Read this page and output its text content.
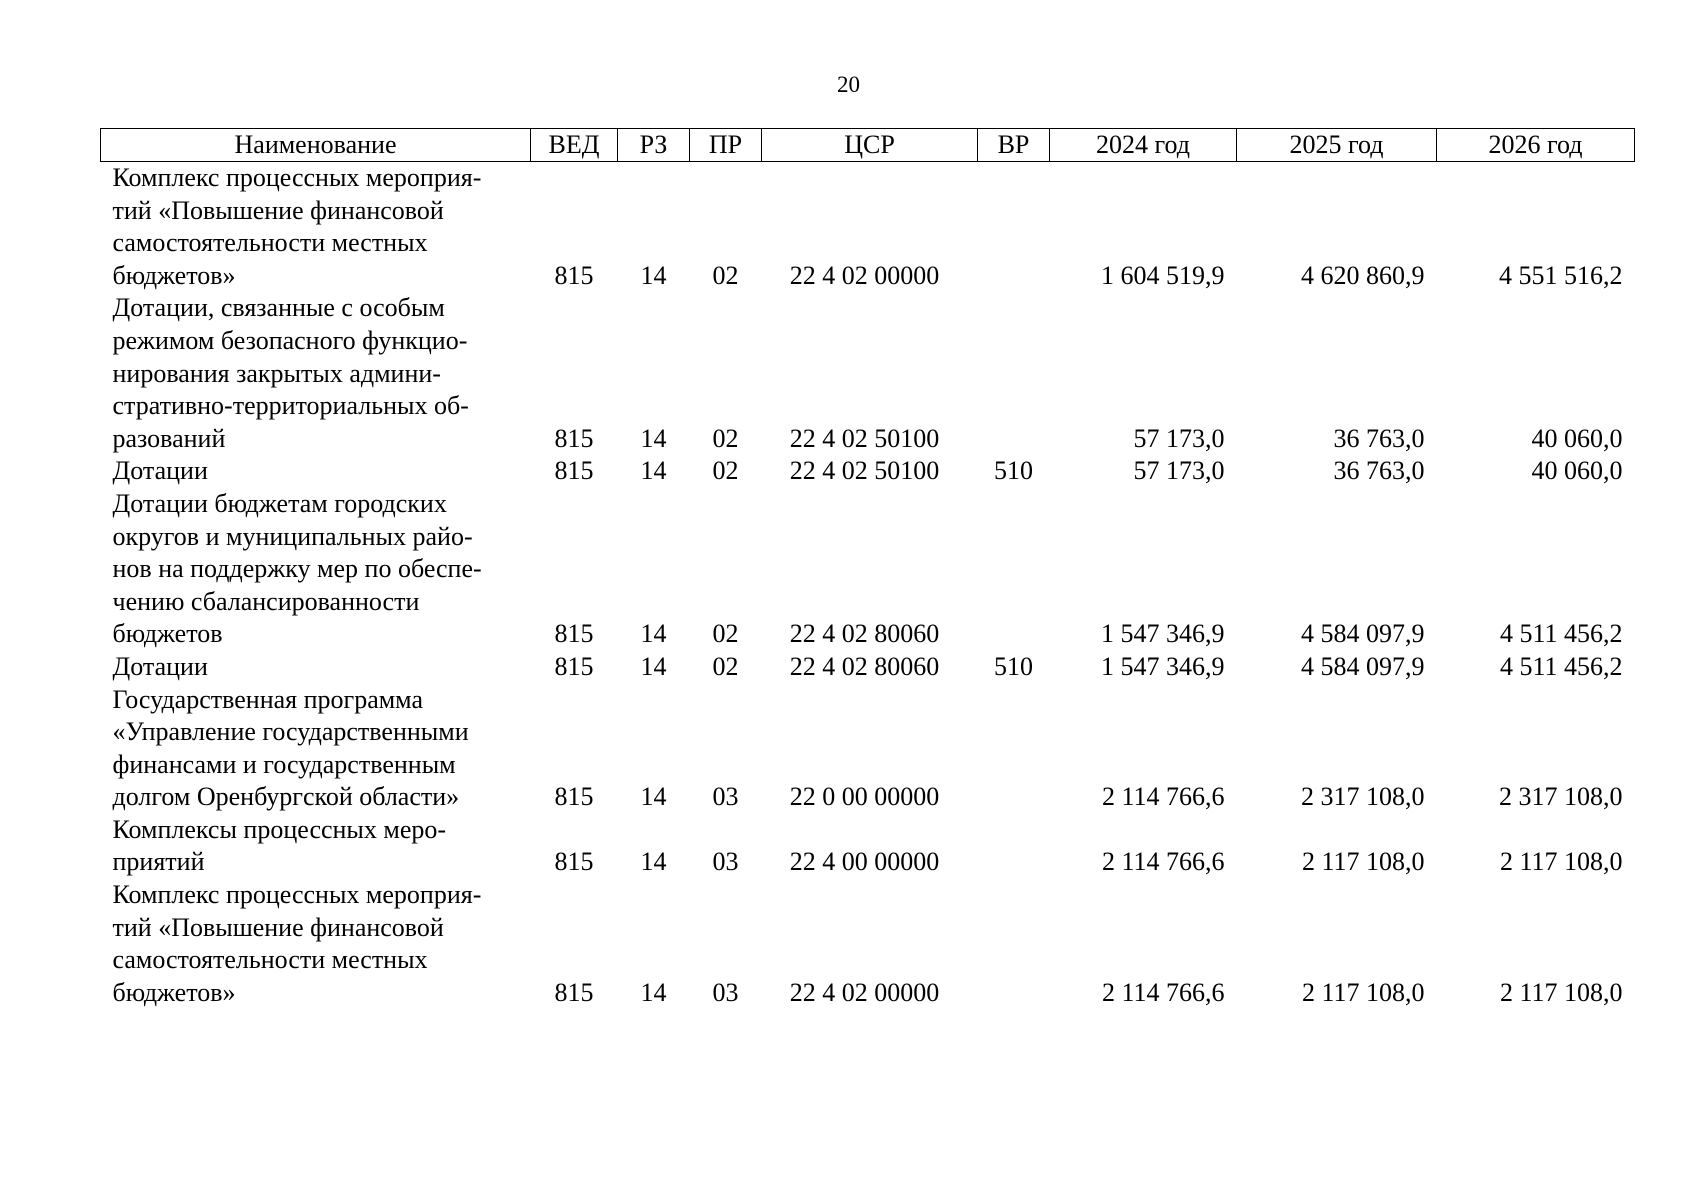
20
Наименование	ВЕД	РЗ	ПР	ЦСР	ВР	2024 год	2025 год	2026 год
Комплекс процессных мероприя-
тий «Повышение финансовой
самостоятельности местных
бюджетов»	815	14	02	22 4 02 00000		1 604 519,9	4 620 860,9	4 551 516,2
Дотации, связанные с особым
режимом безопасного функцио-
нирования закрытых админи-
стративно-территориальных об-
разований	815	14	02	22 4 02 50100		57 173,0	36 763,0	40 060,0
Дотации	815	14	02	22 4 02 50100	510	57 173,0	36 763,0	40 060,0
Дотации бюджетам городских
округов и муниципальных райо-
нов на поддержку мер по обеспе-
чению сбалансированности
бюджетов	815	14	02	22 4 02 80060		1 547 346,9	4 584 097,9	4 511 456,2
Дотации	815	14	02	22 4 02 80060	510	1 547 346,9	4 584 097,9	4 511 456,2
Государственная программа
«Управление государственными
финансами и государственным
долгом Оренбургской области»	815	14	03	22 0 00 00000		2 114 766,6	2 317 108,0	2 317 108,0
Комплексы процессных меро-
приятий	815	14	03	22 4 00 00000		2 114 766,6	2 117 108,0	2 117 108,0
Комплекс процессных мероприя-
тий «Повышение финансовой
самостоятельности местных
бюджетов»	815	14	03	22 4 02 00000		2 114 766,6	2 117 108,0	2 117 108,0
